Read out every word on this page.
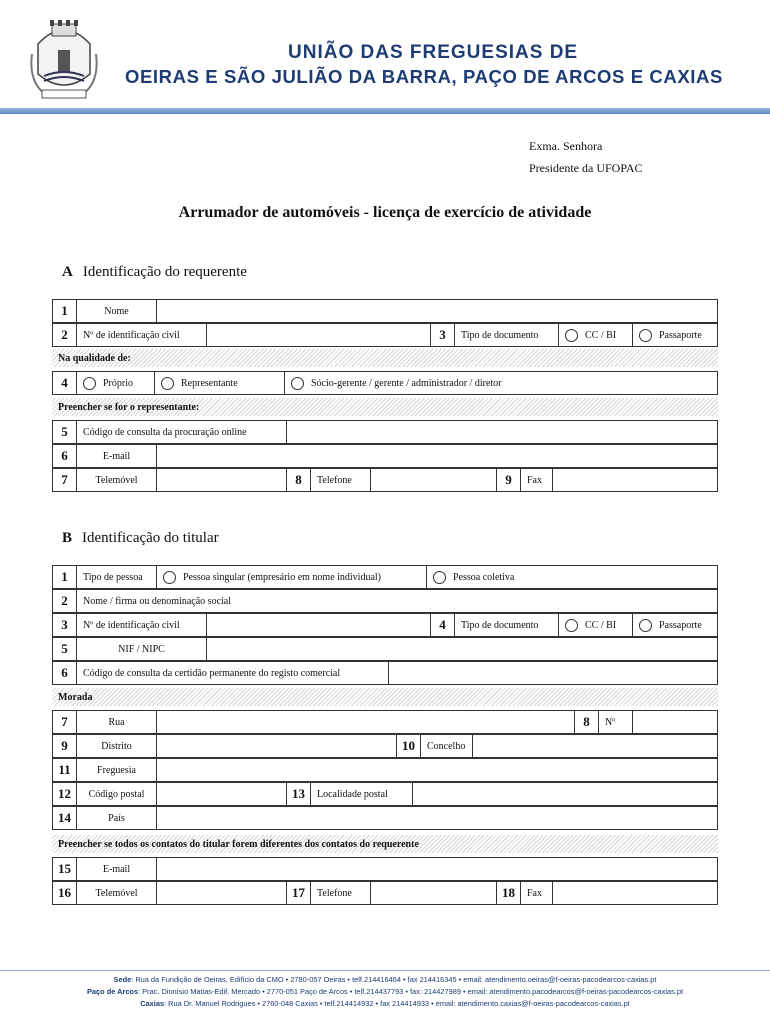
UNIÃO DAS FREGUESIAS DE
OEIRAS E SÃO JULIÃO DA BARRA, PAÇO DE ARCOS E CAXIAS
Exma. Senhora
Presidente da UFOPAC
Arrumador de automóveis - licença de exercício de atividade
A Identificação do requerente
1	Nome
2	Nº de identificação civil	3	Tipo de documento	CC / BI	Passaporte
Na qualidade de:
4	Próprio	Representante	Sócio-gerente / gerente / administrador / diretor
Preencher se for o representante:
5	Código de consulta da procuração online
6	E-mail
7	Telemóvel	8	Telefone	9	Fax
B Identificação do titular
1	Tipo de pessoa	Pessoa singular (empresário em nome individual)	Pessoa coletiva
2	Nome / firma ou denominação social
3	Nº de identificação civil	4	Tipo de documento	CC / BI	Passaporte
5	NIF / NIPC
6	Código de consulta da certidão permanente do registo comercial
Morada
7	Rua	8	Nº
9	Distrito	10	Concelho
11	Freguesia
12	Código postal	13	Localidade postal
14	País
Preencher se todos os contatos do titular forem diferentes dos contatos do requerente
15	E-mail
16	Telemóvel	17	Telefone	18	Fax
Sede: Rua da Fundição de Oeiras, Edifício da CMO • 2780-057 Oeiras • telf.214416464 • fax 214416345 • email: atendimento.oeiras@f-oeiras-pacodearcos-caxias.pt
Paço de Arcos: Prac. Dionísio Matias-Edif. Mercado • 2770-051 Paço de Arcos • telf.214437793 • fax: 214427989 • email: atendimento.pacodearcos@f-oeiras-pacodearcos-caxias.pt
Caxias: Rua Dr. Manuel Rodrigues • 2760-048 Caxias • telf.214414932 • fax 214414933 • email: atendimento.caxias@f-oeiras-pacodearcos-caxias.pt
